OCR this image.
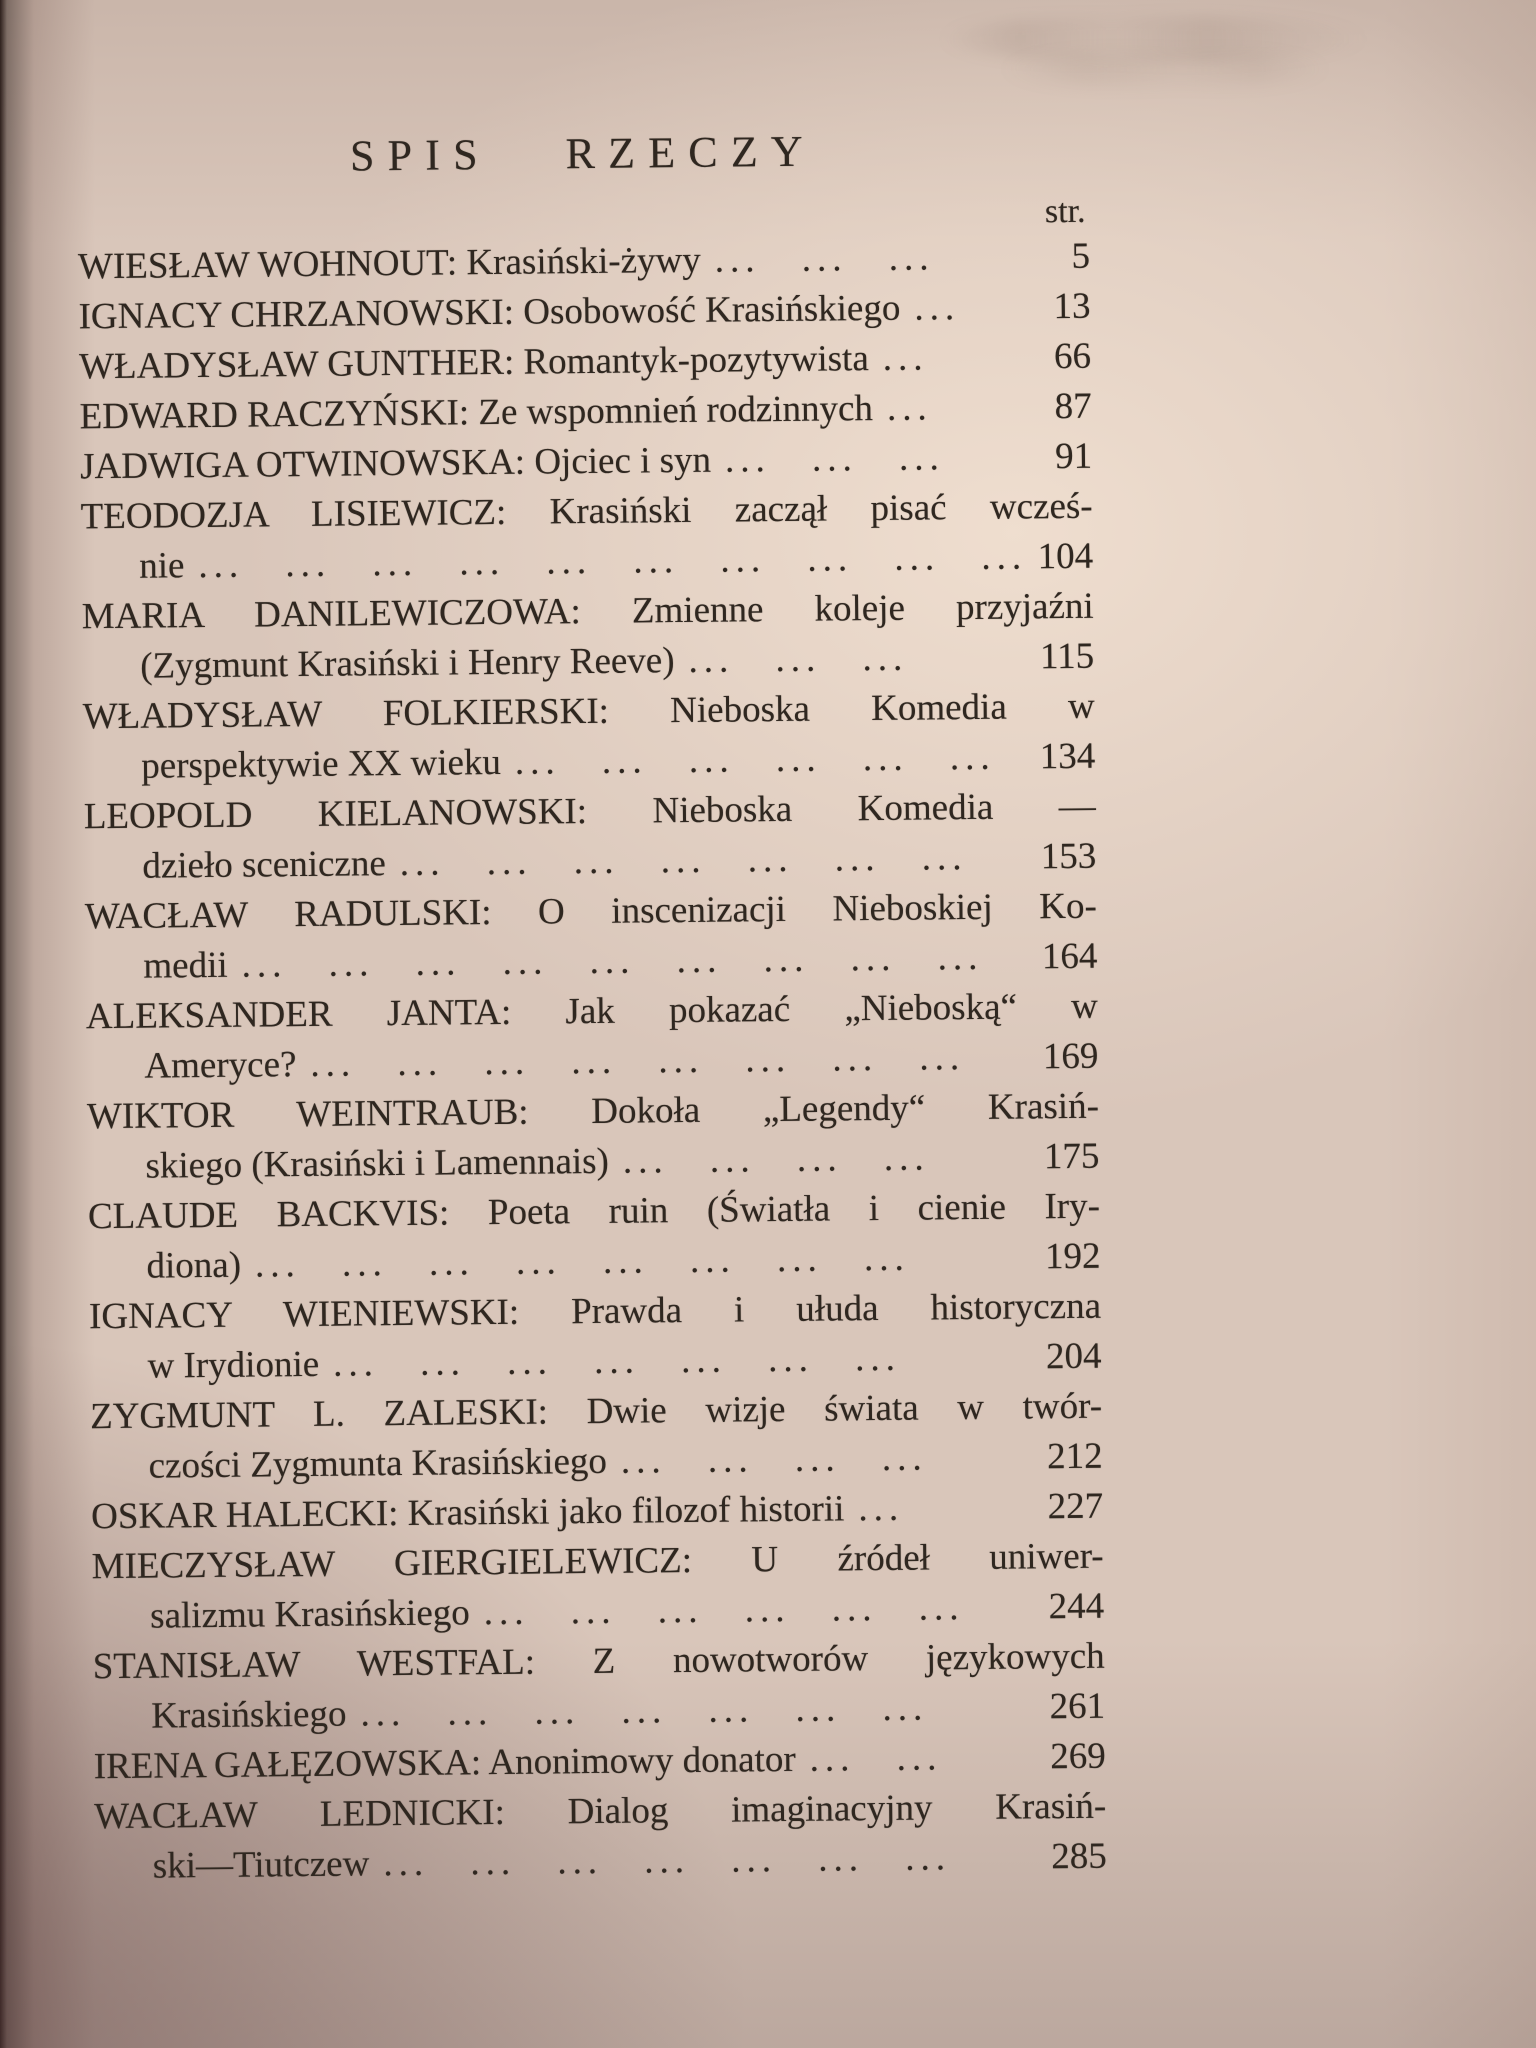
SPIS RZECZY
str.
WIESŁAW WOHNOUT: Krasiński-żywy ... ... ...	5
IGNACY CHRZANOWSKI: Osobowość Krasińskiego ...	13
WŁADYSŁAW GUNTHER: Romantyk-pozytywista ...	66
EDWARD RACZYŃSKI: Ze wspomnień rodzinnych ...	87
JADWIGA OTWINOWSKA: Ojciec i syn ... ... ...	91
TEODOZJA LISIEWICZ: Krasiński zaczął pisać wcześ-
nie ... ... ... ... ... ... ... ... ... ... 104
MARIA DANILEWICZOWA: Zmienne koleje przyjaźni
(Zygmunt Krasiński i Henry Reeve) ... ... ...	115
WŁADYSŁAW FOLKIERSKI: Nieboska Komedia w
perspektywie XX wieku ... ... ... ... ... ...	134
LEOPOLD KIELANOWSKI: Nieboska Komedia —
dzieło sceniczne ... ... ... ... ... ... ...	153
WACŁAW RADULSKI: O inscenizacji Nieboskiej Ko-
medii ... ... ... ... ... ... ... ... ...	164
ALEKSANDER JANTA: Jak pokazać „Nieboską“ w
Ameryce? ... ... ... ... ... ... ... ...	169
WIKTOR WEINTRAUB: Dokoła „Legendy“ Krasiń-
skiego (Krasiński i Lamennais) ... ... ... ...	175
CLAUDE BACKVIS: Poeta ruin (Światła i cienie Iry-
diona) ... ... ... ... ... ... ... ...	192
IGNACY WIENIEWSKI: Prawda i ułuda historyczna
w Irydionie ... ... ... ... ... ... ...	204
ZYGMUNT L. ZALESKI: Dwie wizje świata w twór-
czości Zygmunta Krasińskiego ... ... ... ...	212
OSKAR HALECKI: Krasiński jako filozof historii ...	227
MIECZYSŁAW GIERGIELEWICZ: U źródeł uniwer-
salizmu Krasińskiego ... ... ... ... ... ...	244
STANISŁAW WESTFAL: Z nowotworów językowych
Krasińskiego ... ... ... ... ... ... ...	261
IRENA GAŁĘZOWSKA: Anonimowy donator ... ...	269
WACŁAW LEDNICKI: Dialog imaginacyjny Krasiń-
ski—Tiutczew ... ... ... ... ... ... ...	285
